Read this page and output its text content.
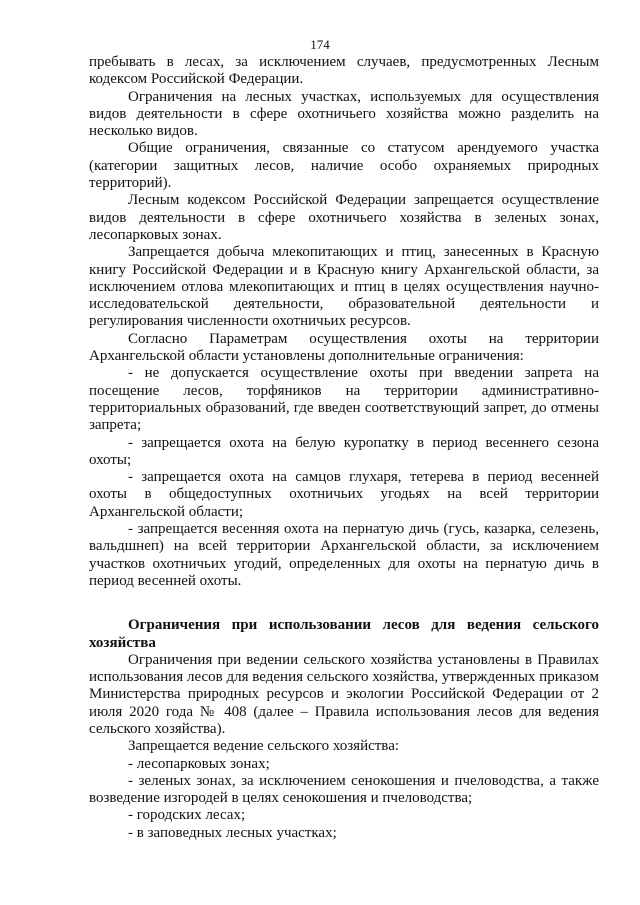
174

пребывать в лесах, за исключением случаев, предусмотренных Лесным кодексом Российской Федерации.

Ограничения на лесных участках, используемых для осуществления видов деятельности в сфере охотничьего хозяйства можно разделить на несколько видов.

Общие ограничения, связанные со статусом арендуемого участка (категории защитных лесов, наличие особо охраняемых природных территорий).

Лесным кодексом Российской Федерации запрещается осуществление видов деятельности в сфере охотничьего хозяйства в зеленых зонах, лесопарковых зонах.

Запрещается добыча млекопитающих и птиц, занесенных в Красную книгу Российской Федерации и в Красную книгу Архангельской области, за исключением отлова млекопитающих и птиц в целях осуществления научно-исследовательской деятельности, образовательной деятельности и регулирования численности охотничьих ресурсов.

Согласно Параметрам осуществления охоты на территории Архангельской области установлены дополнительные ограничения:

- не допускается осуществление охоты при введении запрета на посещение лесов, торфяников на территории административно-территориальных образований, где введен соответствующий запрет, до отмены запрета;

- запрещается охота на белую куропатку в период весеннего сезона охоты;

- запрещается охота на самцов глухаря, тетерева в период весенней охоты в общедоступных охотничьих угодьях на всей территории Архангельской области;

- запрещается весенняя охота на пернатую дичь (гусь, казарка, селезень, вальдшнеп) на всей территории Архангельской области, за исключением участков охотничьих угодий, определенных для охоты на пернатую дичь в период весенней охоты.

Ограничения при использовании лесов для ведения сельского хозяйства

Ограничения при ведении сельского хозяйства установлены в Правилах использования лесов для ведения сельского хозяйства, утвержденных приказом Министерства природных ресурсов и экологии Российской Федерации от 2 июля 2020 года № 408 (далее – Правила использования лесов для ведения сельского хозяйства).

Запрещается ведение сельского хозяйства:

- лесопарковых зонах;

- зеленых зонах, за исключением сенокошения и пчеловодства, а также возведение изгородей в целях сенокошения и пчеловодства;

- городских лесах;

- в заповедных лесных участках;
